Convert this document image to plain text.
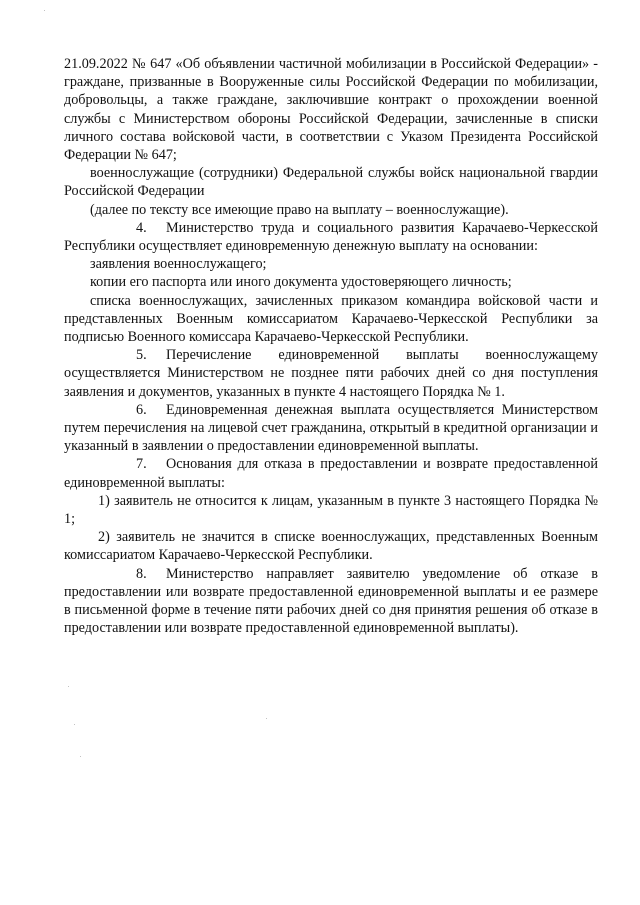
21.09.2022 № 647 «Об объявлении частичной мобилизации в Российской Федерации» - граждане, призванные в Вооруженные силы Российской Федерации по мобилизации, добровольцы, а также граждане, заключившие контракт о прохождении военной службы с Министерством обороны Российской Федерации, зачисленные в списки личного состава войсковой части, в соответствии с Указом Президента Российской Федерации № 647;

военнослужащие (сотрудники) Федеральной службы войск национальной гвардии Российской Федерации

(далее по тексту все имеющие право на выплату – военнослужащие).

4. Министерство труда и социального развития Карачаево-Черкесской Республики осуществляет единовременную денежную выплату на основании:

заявления военнослужащего;

копии его паспорта или иного документа удостоверяющего личность;

списка военнослужащих, зачисленных приказом командира войсковой части и представленных Военным комиссариатом Карачаево-Черкесской Республики за подписью Военного комиссара Карачаево-Черкесской Республики.

5. Перечисление единовременной выплаты военнослужащему осуществляется Министерством не позднее пяти рабочих дней со дня поступления заявления и документов, указанных в пункте 4 настоящего Порядка № 1.

6. Единовременная денежная выплата осуществляется Министерством путем перечисления на лицевой счет гражданина, открытый в кредитной организации и указанный в заявлении о предоставлении единовременной выплаты.

7. Основания для отказа в предоставлении и возврате предоставленной единовременной выплаты:

1) заявитель не относится к лицам, указанным в пункте 3 настоящего Порядка № 1;

2) заявитель не значится в списке военнослужащих, представленных Военным комиссариатом Карачаево-Черкесской Республики.

8. Министерство направляет заявителю уведомление об отказе в предоставлении или возврате предоставленной единовременной выплаты и ее размере в письменной форме в течение пяти рабочих дней со дня принятия решения об отказе в предоставлении или возврате предоставленной единовременной выплаты).
